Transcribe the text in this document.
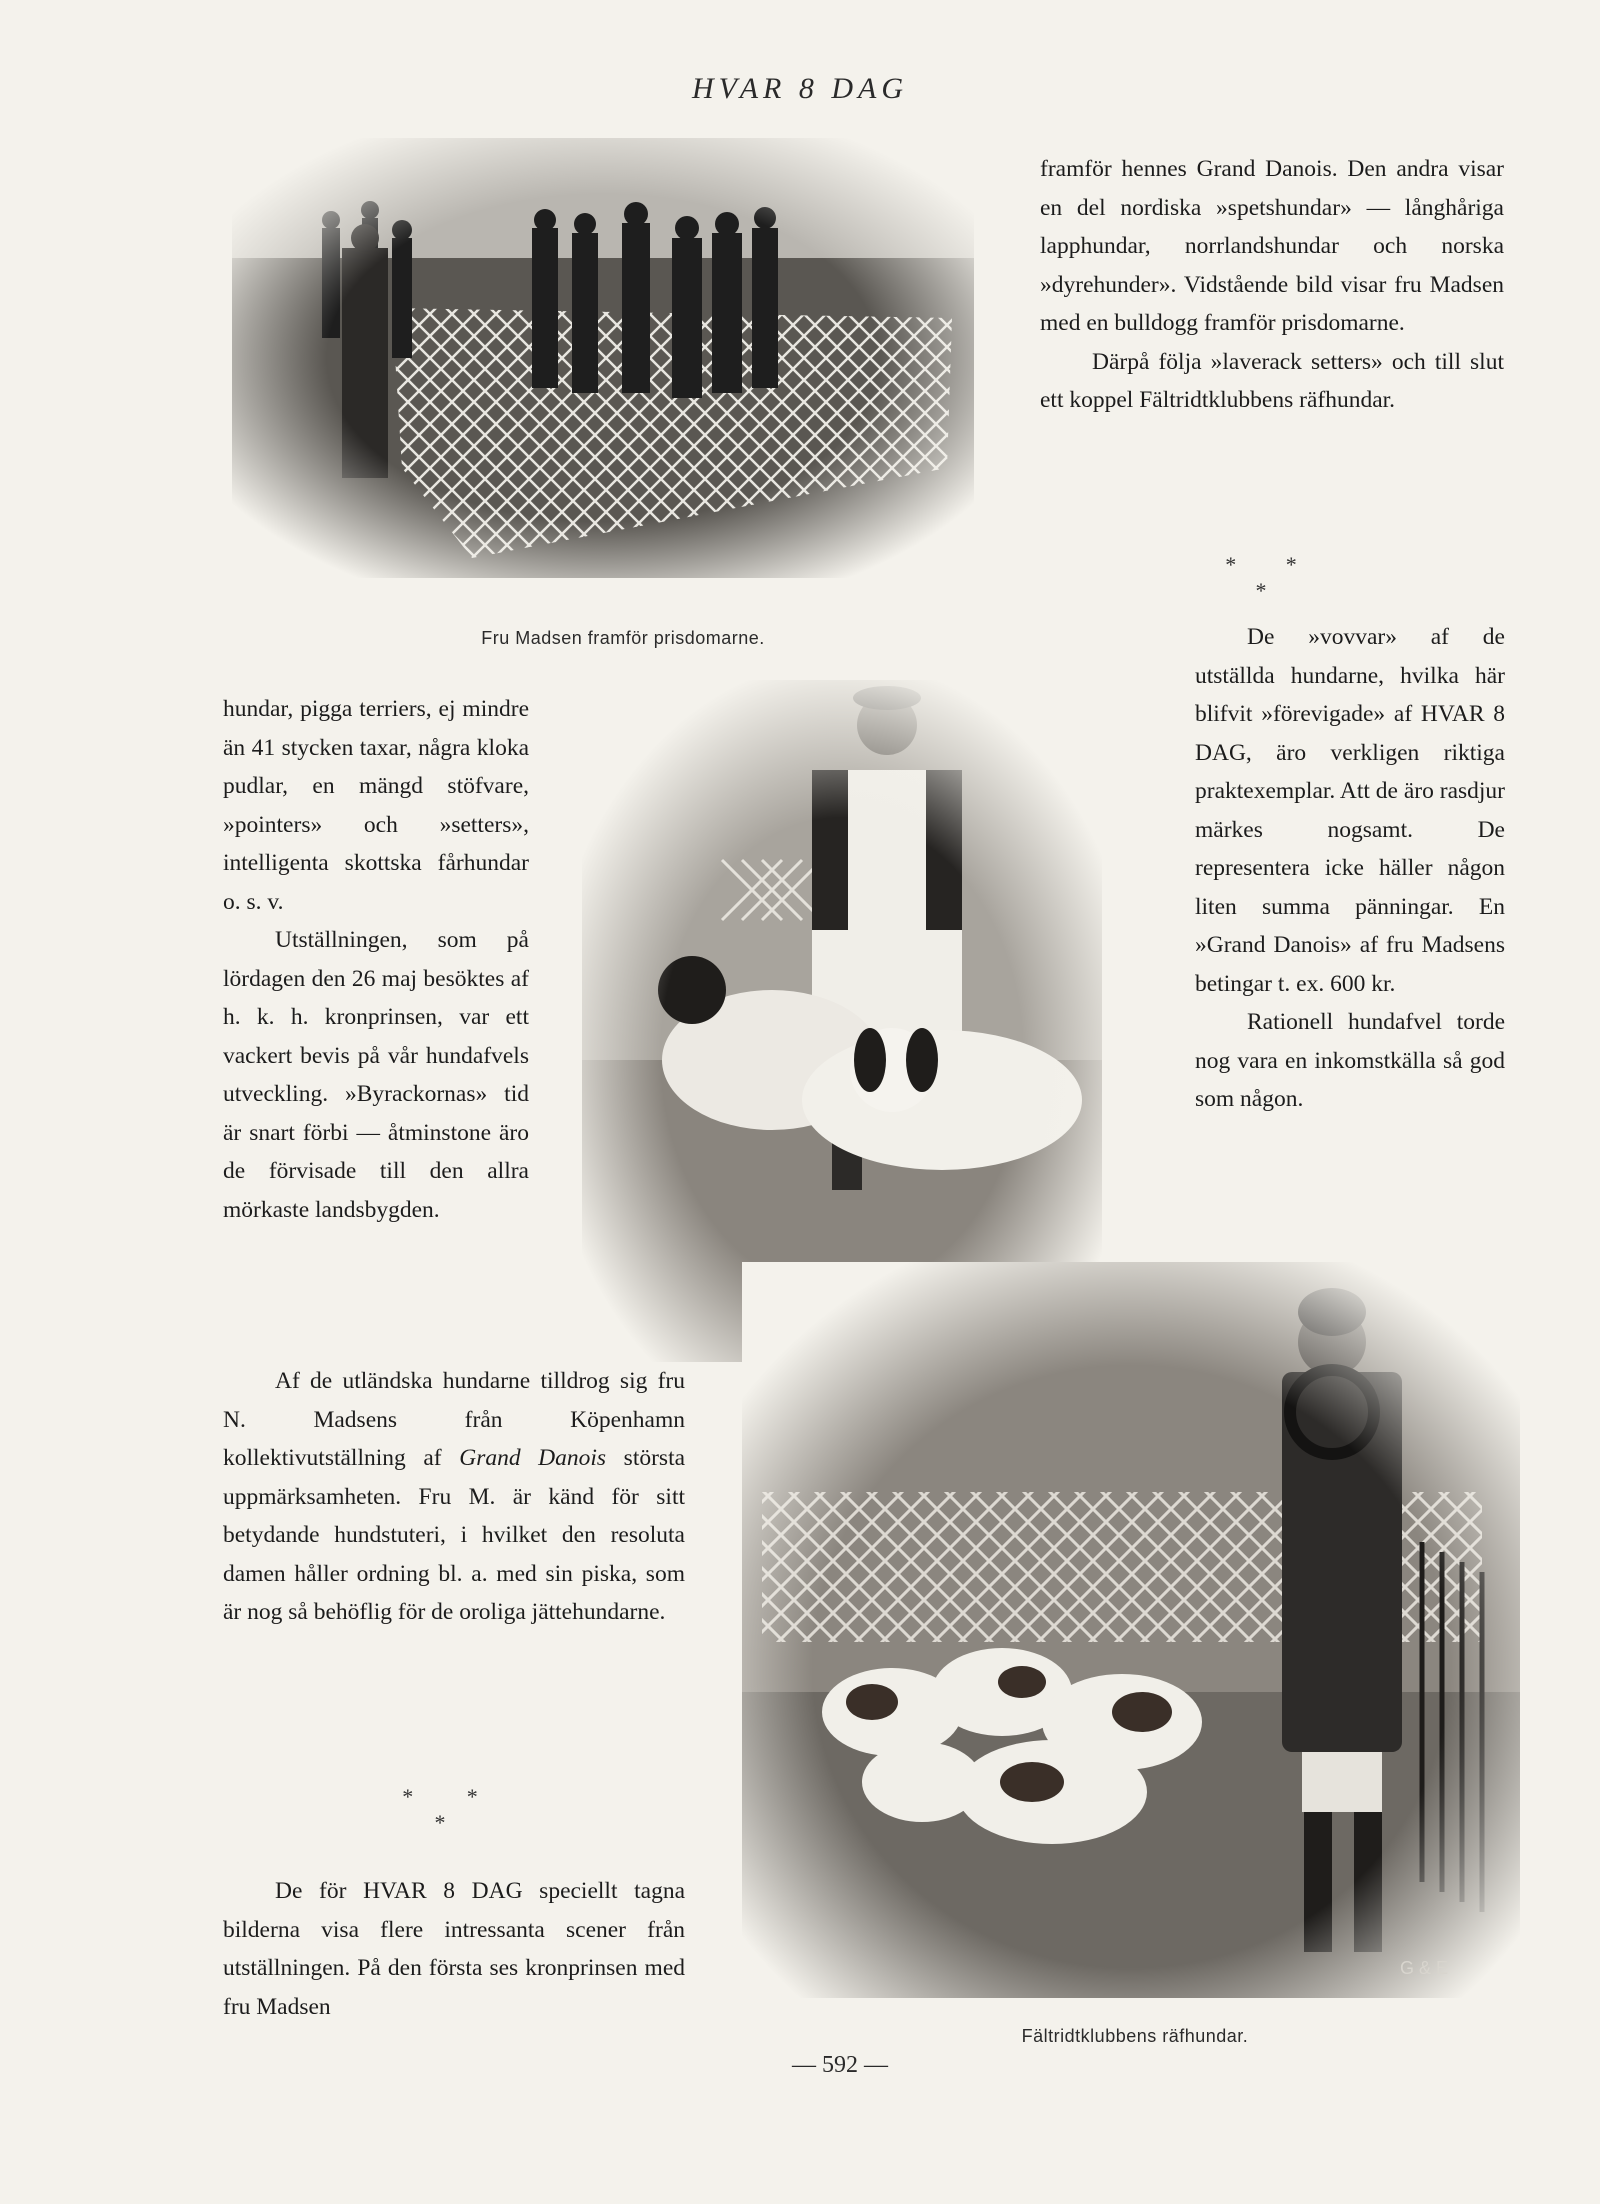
HVAR 8 DAG
Fru Madsen framför prisdomarne.

framför hennes Grand Danois. Den andra visar en del nordiska »spetshundar» — långhåriga lapphundar, norrlandshundar och norska »dyrehunder». Vidstående bild visar fru Madsen med en bulldogg framför prisdomarne.

Därpå följa »laverack setters» och till slut ett koppel Fältridtklubbens räfhundar.

* * *

De »vovvar» af de utställda hundarne, hvilka här blifvit »förevigade» af HVAR 8 DAG, äro verkligen riktiga praktexemplar. Att de äro rasdjur märkes nogsamt. De representera icke häller någon liten summa pänningar. En »Grand Danois» af fru Madsens betingar t. ex. 600 kr.

Rationell hundafvel torde nog vara en inkomstkälla så god som någon.

hundar, pigga terriers, ej mindre än 41 stycken taxar, några kloka pudlar, en mängd stöfvare, »pointers» och »setters», intelligenta skottska fårhundar o. s. v.

Utställningen, som på lördagen den 26 maj besöktes af h. k. h. kronprinsen, var ett vackert bevis på vår hundafvels utveckling. »Byrackornas» tid är snart förbi — åtminstone äro de förvisade till den allra mörkaste landsbygden.

Af de utländska hundarne tilldrog sig fru N. Madsens från Köpenhamn kollektivutställning af Grand Danois största uppmärksamheten. Fru M. är känd för sitt betydande hundstuteri, i hvilket den resoluta damen håller ordning bl. a. med sin piska, som är nog så behöflig för de oroliga jättehundarne.

G & E
Fältridtklubbens räfhundar.
* * *

De för HVAR 8 DAG speciellt tagna bilderna visa flere intressanta scener från utställningen. På den första ses kronprinsen med fru Madsen

— 592 —
